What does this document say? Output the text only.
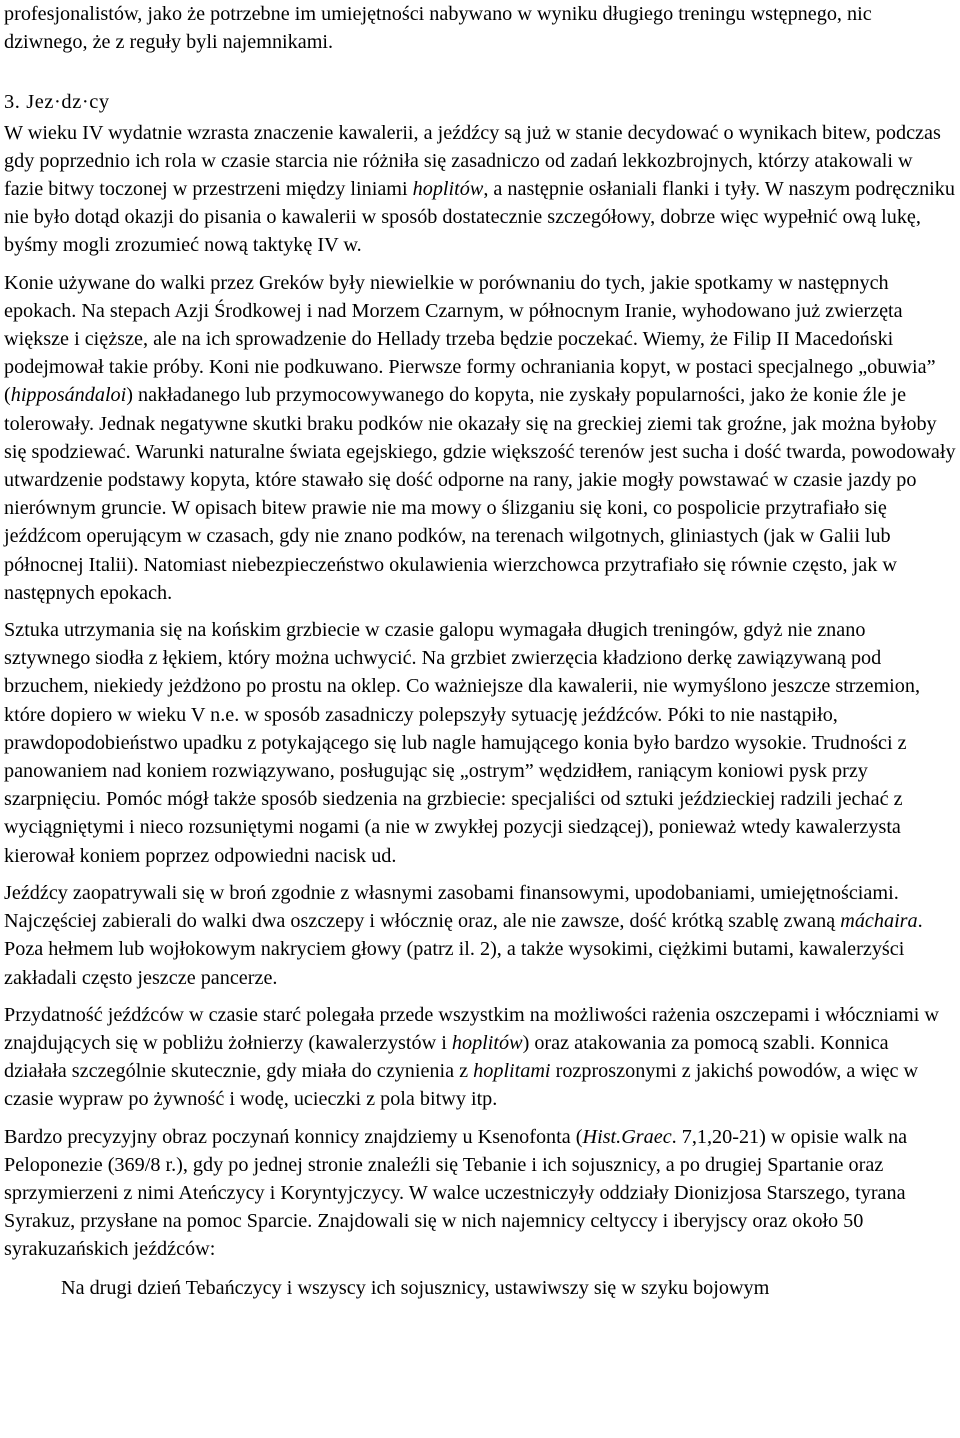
profesjonalistów, jako że potrzebne im umiejętności nabywano w wyniku długiego treningu wstępnego, nic dziwnego, że z reguły byli najemnikami.

3. Jez·dz·cy

W wieku IV wydatnie wzrasta znaczenie kawalerii, a jeźdźcy są już w stanie decydować o wynikach bitew, podczas gdy poprzednio ich rola w czasie starcia nie różniła się zasadniczo od zadań lekkozbrojnych, którzy atakowali w fazie bitwy toczonej w przestrzeni między liniami hoplitów, a następnie osłaniali flanki i tyły. W naszym podręczniku nie było dotąd okazji do pisania o kawalerii w sposób dostatecznie szczegółowy, dobrze więc wypełnić ową lukę, byśmy mogli zrozumieć nową taktykę IV w.

Konie używane do walki przez Greków były niewielkie w porównaniu do tych, jakie spotkamy w następnych epokach. Na stepach Azji Środkowej i nad Morzem Czarnym, w północnym Iranie, wyhodowano już zwierzęta większe i cięższe, ale na ich sprowadzenie do Hellady trzeba będzie poczekać. Wiemy, że Filip II Macedoński podejmował takie próby. Koni nie podkuwano. Pierwsze formy ochraniania kopyt, w postaci specjalnego „obuwia” (hipposándaloi) nakładanego lub przymocowywanego do kopyta, nie zyskały popularności, jako że konie źle je tolerowały. Jednak negatywne skutki braku podków nie okazały się na greckiej ziemi tak groźne, jak można byłoby się spodziewać. Warunki naturalne świata egejskiego, gdzie większość terenów jest sucha i dość twarda, powodowały utwardzenie podstawy kopyta, które stawało się dość odporne na rany, jakie mogły powstawać w czasie jazdy po nierównym gruncie. W opisach bitew prawie nie ma mowy o ślizganiu się koni, co pospolicie przytrafiało się jeźdźcom operującym w czasach, gdy nie znano podków, na terenach wilgotnych, gliniastych (jak w Galii lub północnej Italii). Natomiast niebezpieczeństwo okulawienia wierzchowca przytrafiało się równie często, jak w następnych epokach.

Sztuka utrzymania się na końskim grzbiecie w czasie galopu wymagała długich treningów, gdyż nie znano sztywnego siodła z łękiem, który można uchwycić. Na grzbiet zwierzęcia kładziono derkę zawiązywaną pod brzuchem, niekiedy jeżdżono po prostu na oklep. Co ważniejsze dla kawalerii, nie wymyślono jeszcze strzemion, które dopiero w wieku V n.e. w sposób zasadniczy polepszyły sytuację jeźdźców. Póki to nie nastąpiło, prawdopodobieństwo upadku z potykającego się lub nagle hamującego konia było bardzo wysokie. Trudności z panowaniem nad koniem rozwiązywano, posługując się „ostrym” wędzidłem, raniącym koniowi pysk przy szarpnięciu. Pomóc mógł także sposób siedzenia na grzbiecie: specjaliści od sztuki jeździeckiej radzili jechać z wyciągniętymi i nieco rozsuniętymi nogami (a nie w zwykłej pozycji siedzącej), ponieważ wtedy kawalerzysta kierował koniem poprzez odpowiedni nacisk ud.

Jeźdźcy zaopatrywali się w broń zgodnie z własnymi zasobami finansowymi, upodobaniami, umiejętnościami. Najczęściej zabierali do walki dwa oszczepy i włócznię oraz, ale nie zawsze, dość krótką szablę zwaną máchaira. Poza hełmem lub wojłokowym nakryciem głowy (patrz il. 2), a także wysokimi, ciężkimi butami, kawalerzyści zakładali często jeszcze pancerze.

Przydatność jeźdźców w czasie starć polegała przede wszystkim na możliwości rażenia oszczepami i włóczniami w znajdujących się w pobliżu żołnierzy (kawalerzystów i hoplitów) oraz atakowania za pomocą szabli. Konnica działała szczególnie skutecznie, gdy miała do czynienia z hoplitami rozproszonymi z jakichś powodów, a więc w czasie wypraw po żywność i wodę, ucieczki z pola bitwy itp.

Bardzo precyzyjny obraz poczynań konnicy znajdziemy u Ksenofonta (Hist.Graec. 7,1,20-21) w opisie walk na Peloponezie (369/8 r.), gdy po jednej stronie znaleźli się Tebanie i ich sojusznicy, a po drugiej Spartanie oraz sprzymierzeni z nimi Ateńczycy i Koryntyjczycy. W walce uczestniczyły oddziały Dionizjosa Starszego, tyrana Syrakuz, przysłane na pomoc Sparcie. Znajdowali się w nich najemnicy celtyccy i iberyjscy oraz około 50 syrakuzańskich jeźdźców:

Na drugi dzień Tebańczycy i wszyscy ich sojusznicy, ustawiwszy się w szyku bojowym
